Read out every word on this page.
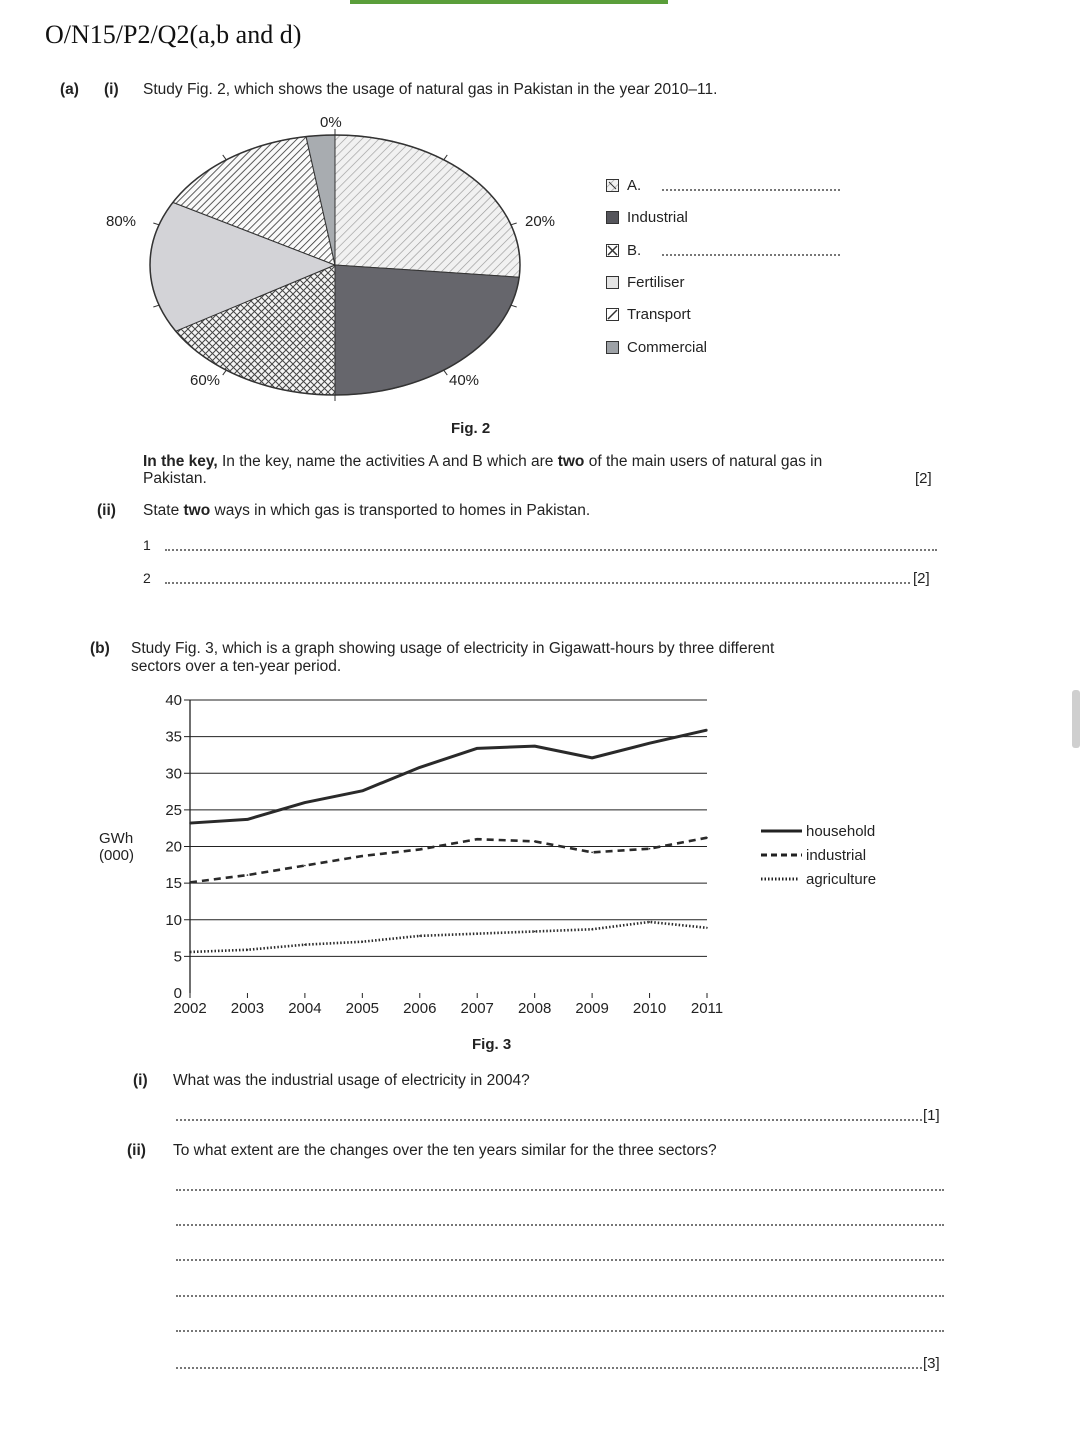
O/N15/P2/Q2(a,b and d)
(a) (i) Study Fig. 2, which shows the usage of natural gas in Pakistan in the year 2010–11.
0%
20%
40%
60%
80%
A.
Industrial
B.
Fertiliser
Transport
Commercial
Fig. 2
In the key, In the key, name the activities A and B which are two of the main users of natural gas in
Pakistan.	[2]
(ii) State two ways in which gas is transported to homes in Pakistan.
1
2	[2]
(b) Study Fig. 3, which is a graph showing usage of electricity in Gigawatt-hours by three different
sectors over a ten-year period.
0
5
10
15
20
25
30
35
40
2002 2003 2004 2005 2006 2007 2008 2009 2010 2011
GWh
(000)
household
industrial
agriculture
Fig. 3
(i) What was the industrial usage of electricity in 2004?
[1]
(ii) To what extent are the changes over the ten years similar for the three sectors?
[3]
